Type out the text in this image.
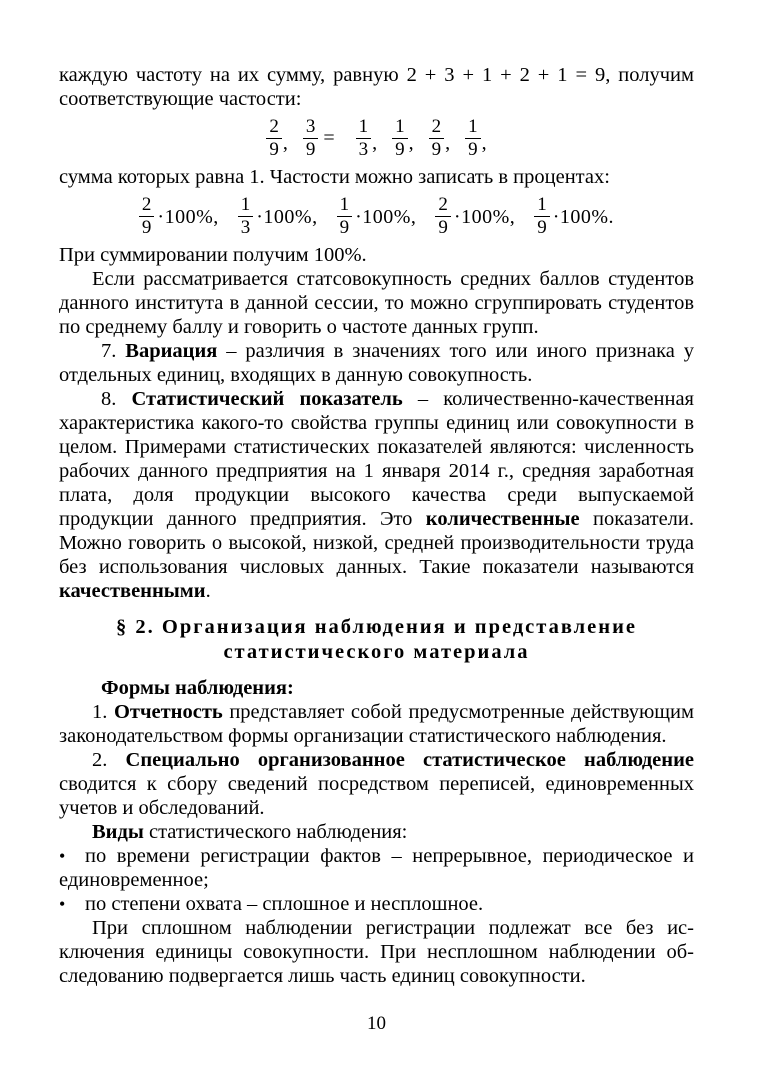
каждую частоту на их сумму, равную 2 + 3 + 1 + 2 + 1 = 9, получим соответствующие частости:

$\frac{2}{9}$ , $\frac{3}{9} = \frac{1}{3}$ , $\frac{1}{9}$ , $\frac{2}{9}$ , $\frac{1}{9}$ ,

сумма которых равна 1. Частости можно записать в процентах:

$\frac{2}{9} \cdot 100\%$, $\frac{1}{3} \cdot 100\%$, $\frac{1}{9} \cdot 100\%$, $\frac{2}{9} \cdot 100\%$, $\frac{1}{9} \cdot 100\%$.

При суммировании получим 100%.

Если рассматривается статсовокупность средних баллов студентов данного института в данной сессии, то можно сгруппировать студентов по среднему баллу и говорить о частоте данных групп.

7. Вариация – различия в значениях того или иного признака у отдельных единиц, входящих в данную совокупность.

8. Статистический показатель – количественно-качественная характеристика какого-то свойства группы единиц или совокупности в целом. Примерами статистических показателей являются: численность рабочих данного предприятия на 1 января 2014 г., средняя заработная плата, доля продукции высокого качества среди выпускаемой продукции данного предприятия. Это количественные показатели. Можно говорить о высокой, низкой, средней производительности труда без использования числовых данных. Такие показатели называются качественными.

§ 2. Организация наблюдения и представление
статистического материала

Формы наблюдения:

1. Отчетность представляет собой предусмотренные действующим законодательством формы организации статистического наблюдения.

2. Специально организованное статистическое наблюдение сводится к сбору сведений посредством переписей, единовременных учетов и обследований.

Виды статистического наблюдения:

• по времени регистрации фактов – непрерывное, периодическое и единовременное;

• по степени охвата – сплошное и несплошное.

При сплошном наблюдении регистрации подлежат все без исключения единицы совокупности. При несплошном наблюдении обследованию подвергается лишь часть единиц совокупности.

10
